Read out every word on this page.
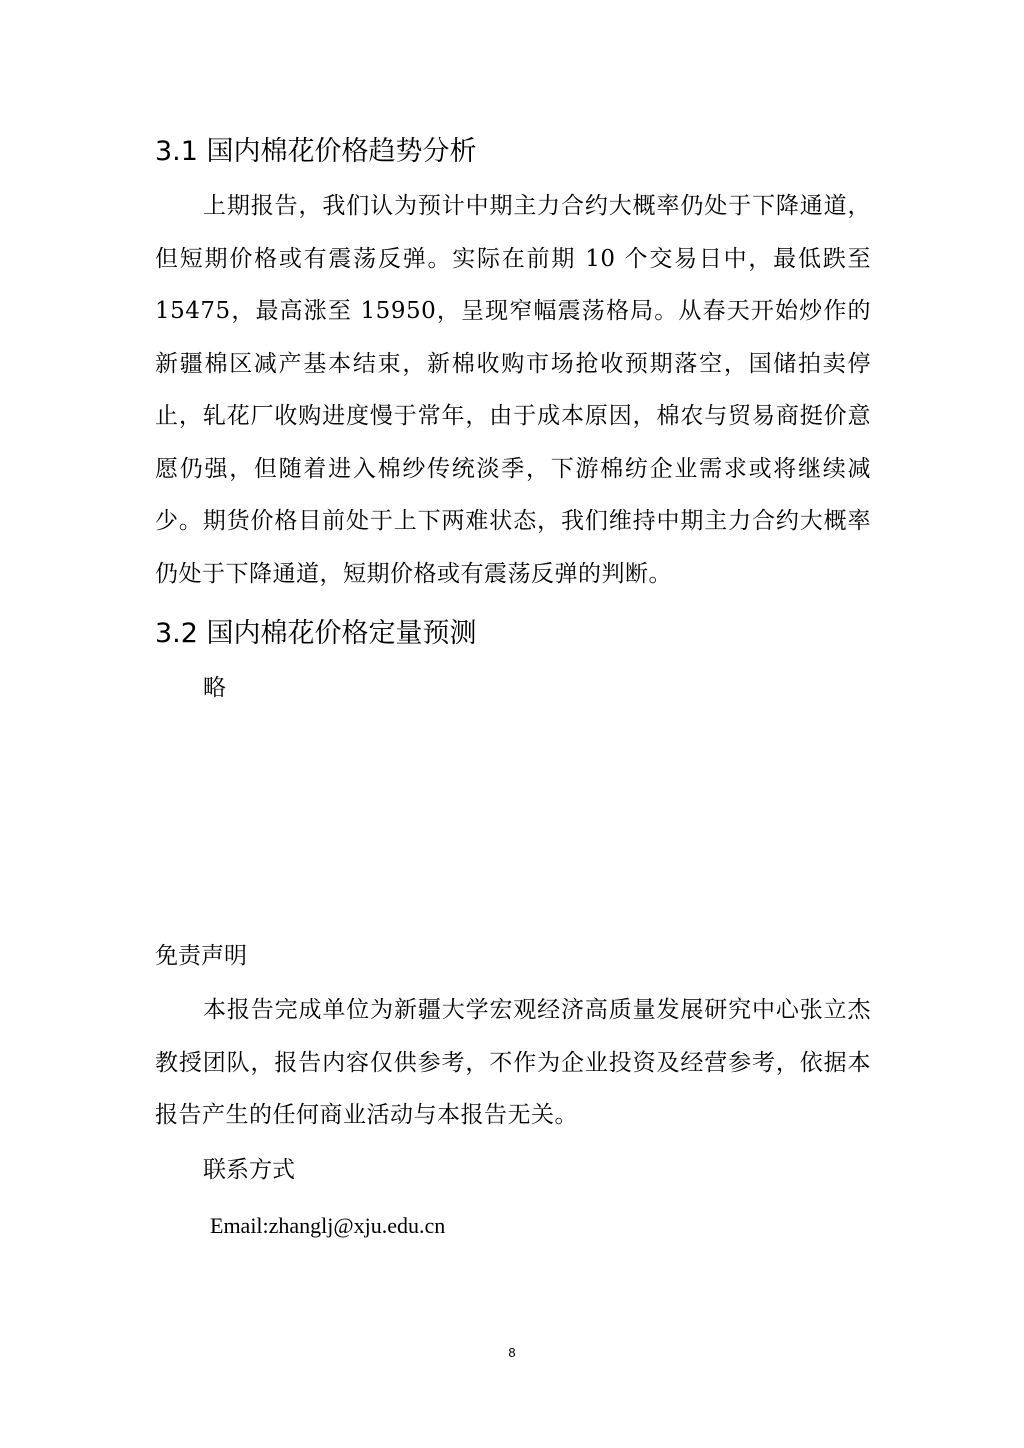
3.1 国内棉花价格趋势分析

上期报告，我们认为预计中期主力合约大概率仍处于下降通道，但短期价格或有震荡反弹。实际在前期 10 个交易日中，最低跌至 15475，最高涨至 15950，呈现窄幅震荡格局。从春天开始炒作的新疆棉区减产基本结束，新棉收购市场抢收预期落空，国储拍卖停止，轧花厂收购进度慢于常年，由于成本原因，棉农与贸易商挺价意愿仍强，但随着进入棉纱传统淡季，下游棉纺企业需求或将继续减少。期货价格目前处于上下两难状态，我们维持中期主力合约大概率仍处于下降通道，短期价格或有震荡反弹的判断。

3.2 国内棉花价格定量预测
略
免责声明

本报告完成单位为新疆大学宏观经济高质量发展研究中心张立杰教授团队，报告内容仅供参考，不作为企业投资及经营参考，依据本报告产生的任何商业活动与本报告无关。

联系方式
Email:zhanglj@xju.edu.cn
8
